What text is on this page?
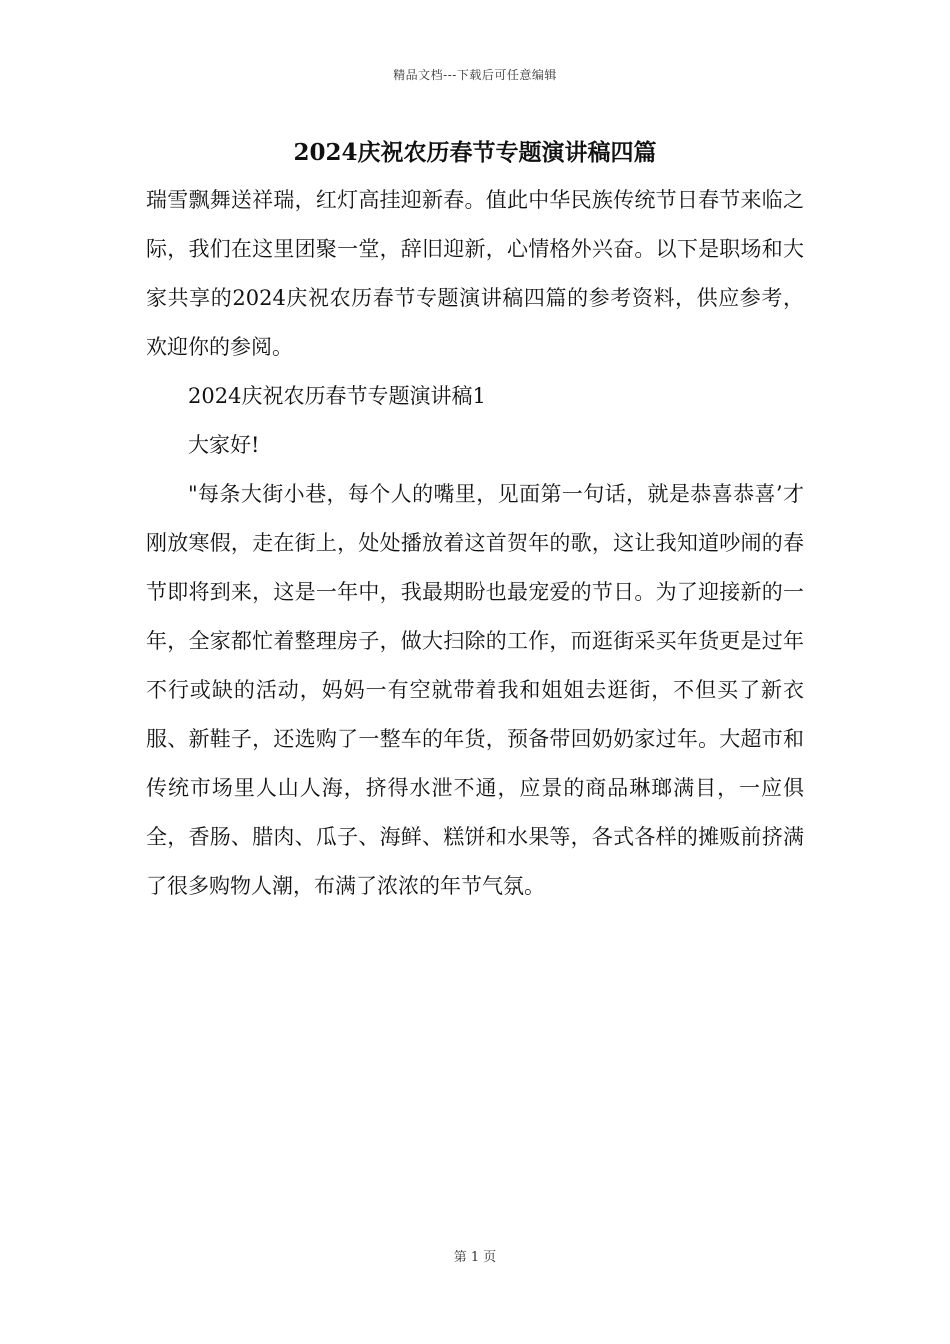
精品文档---下载后可任意编辑
2024庆祝农历春节专题演讲稿四篇

瑞雪飘舞送祥瑞，红灯高挂迎新春。值此中华民族传统节日春节来临之际，我们在这里团聚一堂，辞旧迎新，心情格外兴奋。以下是职场和大家共享的2024庆祝农历春节专题演讲稿四篇的参考资料，供应参考，欢迎你的参阅。

2024庆祝农历春节专题演讲稿1

大家好!

"每条大街小巷，每个人的嘴里，见面第一句话，就是恭喜恭喜’才刚放寒假，走在街上，处处播放着这首贺年的歌，这让我知道吵闹的春节即将到来，这是一年中，我最期盼也最宠爱的节日。为了迎接新的一年，全家都忙着整理房子，做大扫除的工作，而逛街采买年货更是过年不行或缺的活动，妈妈一有空就带着我和姐姐去逛街，不但买了新衣服、新鞋子，还选购了一整车的年货，预备带回奶奶家过年。大超市和传统市场里人山人海，挤得水泄不通，应景的商品琳瑯满目，一应俱全，香肠、腊肉、瓜子、海鲜、糕饼和水果等，各式各样的摊贩前挤满了很多购物人潮，布满了浓浓的年节气氛。

第 1 页
